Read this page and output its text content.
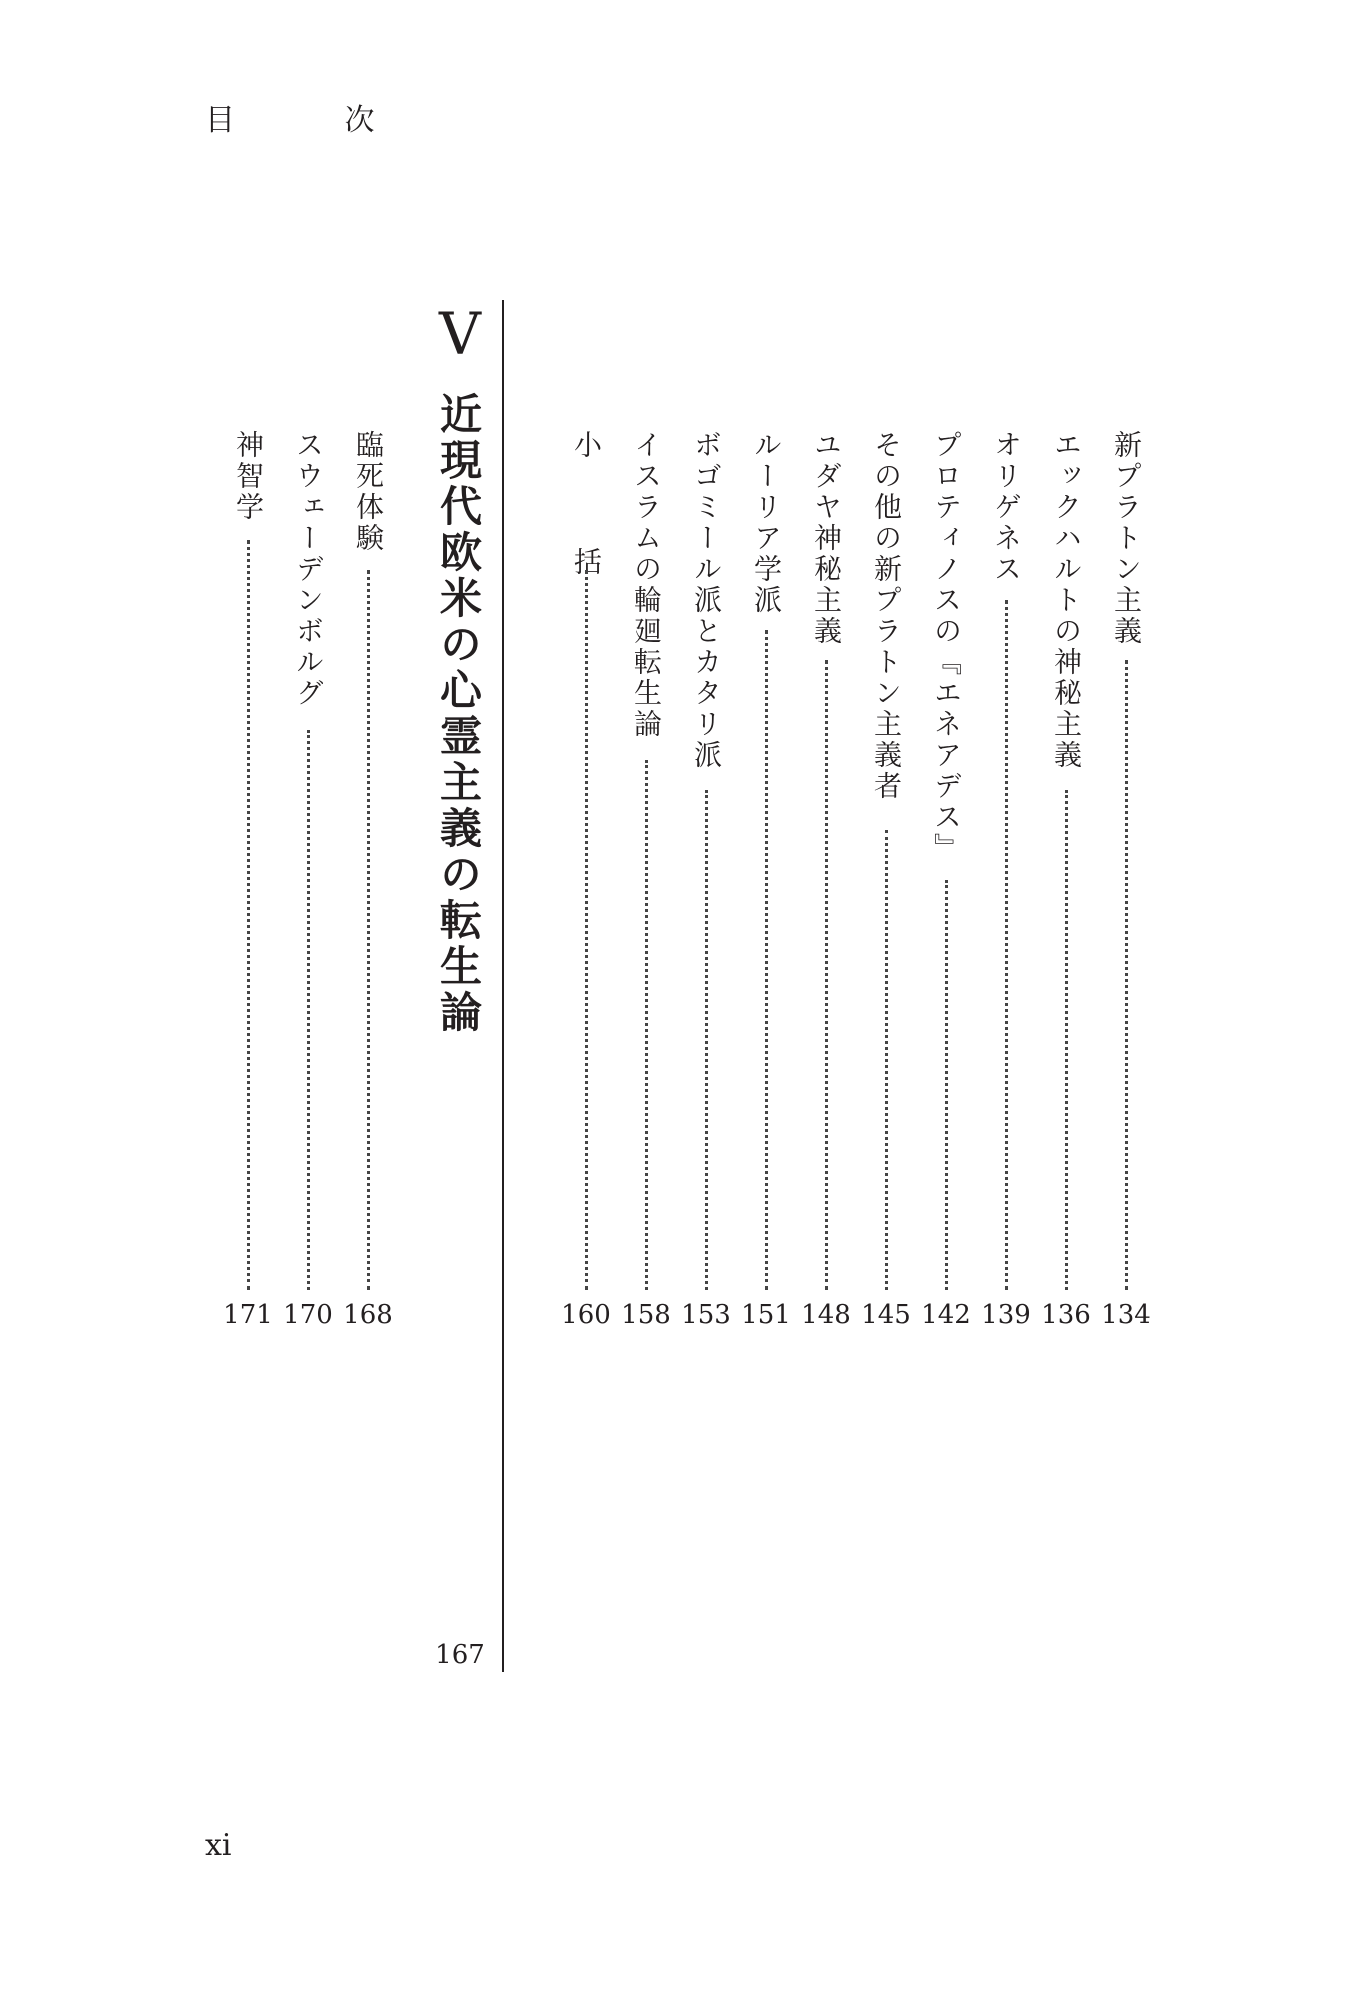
目 次
V
近現代欧米の心霊主義の転生論
167
新プラトン主義
134
エックハルトの神秘主義
136
オリゲネス
139
プロティノスの『エネアデス』
142
その他の新プラトン主義者
145
ユダヤ神秘主義
148
ルーリア学派
151
ボゴミール派とカタリ派
153
イスラムの輪廻転生論
158
小 括
160
臨死体験
168
スウェーデンボルグ
170
神智学
171
xi
